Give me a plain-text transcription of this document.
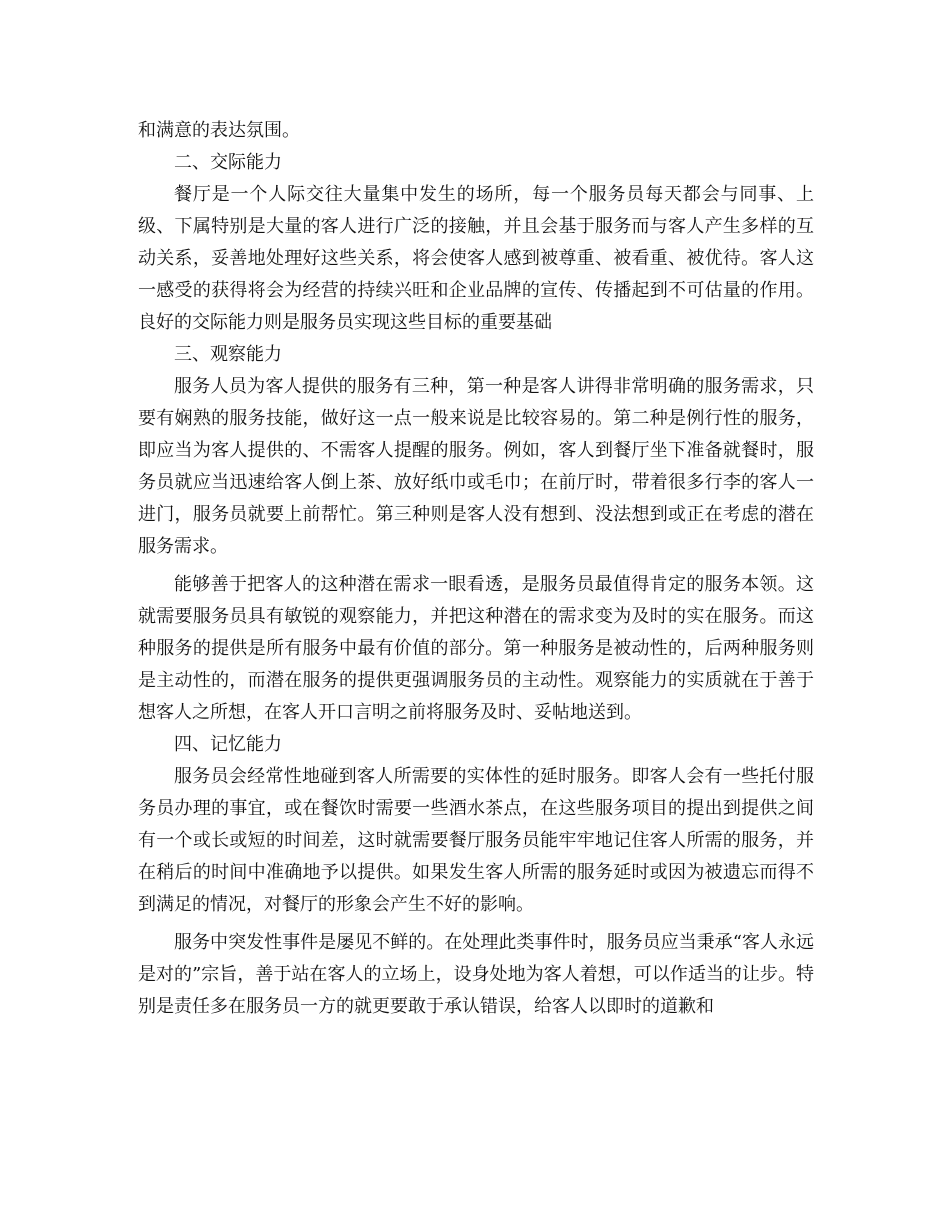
和满意的表达氛围。

二、交际能力

餐厅是一个人际交往大量集中发生的场所，每一个服务员每天都会与同事、上级、下属特别是大量的客人进行广泛的接触，并且会基于服务而与客人产生多样的互动关系，妥善地处理好这些关系，将会使客人感到被尊重、被看重、被优待。客人这一感受的获得将会为经营的持续兴旺和企业品牌的宣传、传播起到不可估量的作用。良好的交际能力则是服务员实现这些目标的重要基础

三、观察能力

服务人员为客人提供的服务有三种，第一种是客人讲得非常明确的服务需求，只要有娴熟的服务技能，做好这一点一般来说是比较容易的。第二种是例行性的服务，即应当为客人提供的、不需客人提醒的服务。例如，客人到餐厅坐下准备就餐时，服务员就应当迅速给客人倒上茶、放好纸巾或毛巾；在前厅时，带着很多行李的客人一进门，服务员就要上前帮忙。第三种则是客人没有想到、没法想到或正在考虑的潜在服务需求。

能够善于把客人的这种潜在需求一眼看透，是服务员最值得肯定的服务本领。这就需要服务员具有敏锐的观察能力，并把这种潜在的需求变为及时的实在服务。而这种服务的提供是所有服务中最有价值的部分。第一种服务是被动性的，后两种服务则是主动性的，而潜在服务的提供更强调服务员的主动性。观察能力的实质就在于善于想客人之所想，在客人开口言明之前将服务及时、妥帖地送到。

四、记忆能力

服务员会经常性地碰到客人所需要的实体性的延时服务。即客人会有一些托付服务员办理的事宜，或在餐饮时需要一些酒水茶点，在这些服务项目的提出到提供之间有一个或长或短的时间差，这时就需要餐厅服务员能牢牢地记住客人所需的服务，并在稍后的时间中准确地予以提供。如果发生客人所需的服务延时或因为被遗忘而得不到满足的情况，对餐厅的形象会产生不好的影响。

服务中突发性事件是屡见不鲜的。在处理此类事件时，服务员应当秉承“客人永远是对的”宗旨，善于站在客人的立场上，设身处地为客人着想，可以作适当的让步。特别是责任多在服务员一方的就更要敢于承认错误，给客人以即时的道歉和
